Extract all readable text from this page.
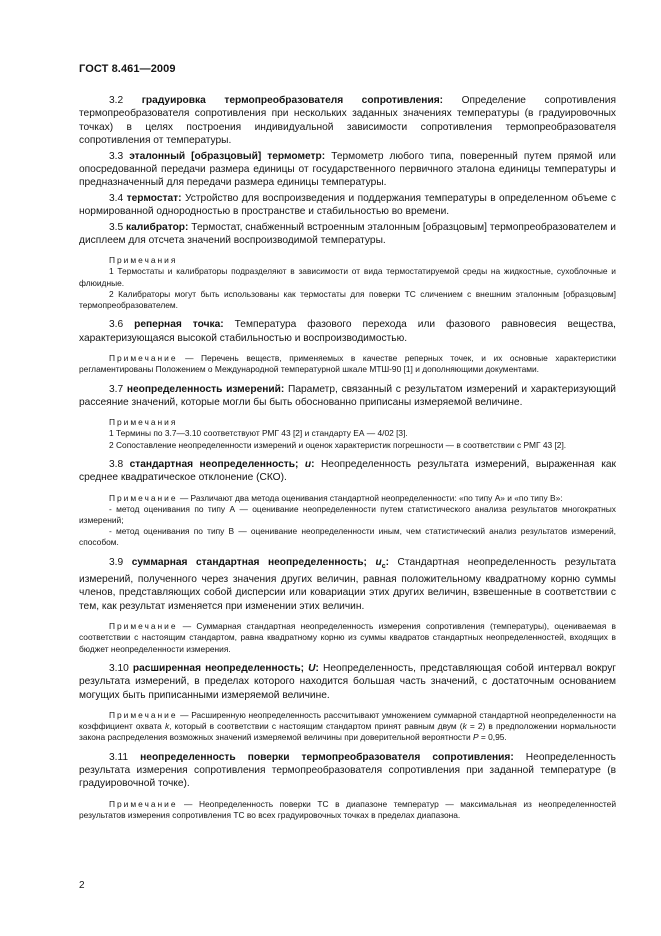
ГОСТ 8.461—2009

3.2 градуировка термопреобразователя сопротивления: Определение сопротивления термопреобразователя сопротивления при нескольких заданных значениях температуры (в градуировочных точках) в целях построения индивидуальной зависимости сопротивления термопреобразователя сопротивления от температуры.

3.3 эталонный [образцовый] термометр: Термометр любого типа, поверенный путем прямой или опосредованной передачи размера единицы от государственного первичного эталона единицы температуры и предназначенный для передачи размера единицы температуры.

3.4 термостат: Устройство для воспроизведения и поддержания температуры в определенном объеме с нормированной однородностью в пространстве и стабильностью во времени.

3.5 калибратор: Термостат, снабженный встроенным эталонным [образцовым] термопреобразователем и дисплеем для отсчета значений воспроизводимой температуры.

Примечания

1 Термостаты и калибраторы подразделяют в зависимости от вида термостатируемой среды на жидкостные, сухоблочные и флюидные.

2 Калибраторы могут быть использованы как термостаты для поверки ТС сличением с внешним эталонным [образцовым] термопреобразователем.

3.6 реперная точка: Температура фазового перехода или фазового равновесия вещества, характеризующаяся высокой стабильностью и воспроизводимостью.

Примечание — Перечень веществ, применяемых в качестве реперных точек, и их основные характеристики регламентированы Положением о Международной температурной шкале МТШ-90 [1] и дополняющими документами.

3.7 неопределенность измерений: Параметр, связанный с результатом измерений и характеризующий рассеяние значений, которые могли бы быть обоснованно приписаны измеряемой величине.

Примечания

1 Термины по 3.7—3.10 соответствуют РМГ 43 [2] и стандарту ЕА — 4/02 [3].

2 Сопоставление неопределенности измерений и оценок характеристик погрешности — в соответствии с РМГ 43 [2].

3.8 стандартная неопределенность; u: Неопределенность результата измерений, выраженная как среднее квадратическое отклонение (СКО).

Примечание — Различают два метода оценивания стандартной неопределенности: «по типу А» и «по типу В»:

- метод оценивания по типу А — оценивание неопределенности путем статистического анализа результатов многократных измерений;

- метод оценивания по типу В — оценивание неопределенности иным, чем статистический анализ результатов измерений, способом.

3.9 суммарная стандартная неопределенность; $u_c$: Стандартная неопределенность результата измерений, полученного через значения других величин, равная положительному квадратному корню суммы членов, представляющих собой дисперсии или ковариации этих других величин, взвешенные в соответствии с тем, как результат изменяется при изменении этих величин.

Примечание — Суммарная стандартная неопределенность измерения сопротивления (температуры), оцениваемая в соответствии с настоящим стандартом, равна квадратному корню из суммы квадратов стандартных неопределенностей, входящих в бюджет неопределенности измерения.

3.10 расширенная неопределенность; U: Неопределенность, представляющая собой интервал вокруг результата измерений, в пределах которого находится большая часть значений, с достаточным основанием могущих быть приписанными измеряемой величине.

Примечание — Расширенную неопределенность рассчитывают умножением суммарной стандартной неопределенности на коэффициент охвата k, который в соответствии с настоящим стандартом принят равным двум (k = 2) в предположении нормальности закона распределения возможных значений измеряемой величины при доверительной вероятности P = 0,95.

3.11 неопределенность поверки термопреобразователя сопротивления: Неопределенность результата измерения сопротивления термопреобразователя сопротивления при заданной температуре (в градуировочной точке).

Примечание — Неопределенность поверки ТС в диапазоне температур — максимальная из неопределенностей результатов измерения сопротивления ТС во всех градуировочных точках в пределах диапазона.

2
